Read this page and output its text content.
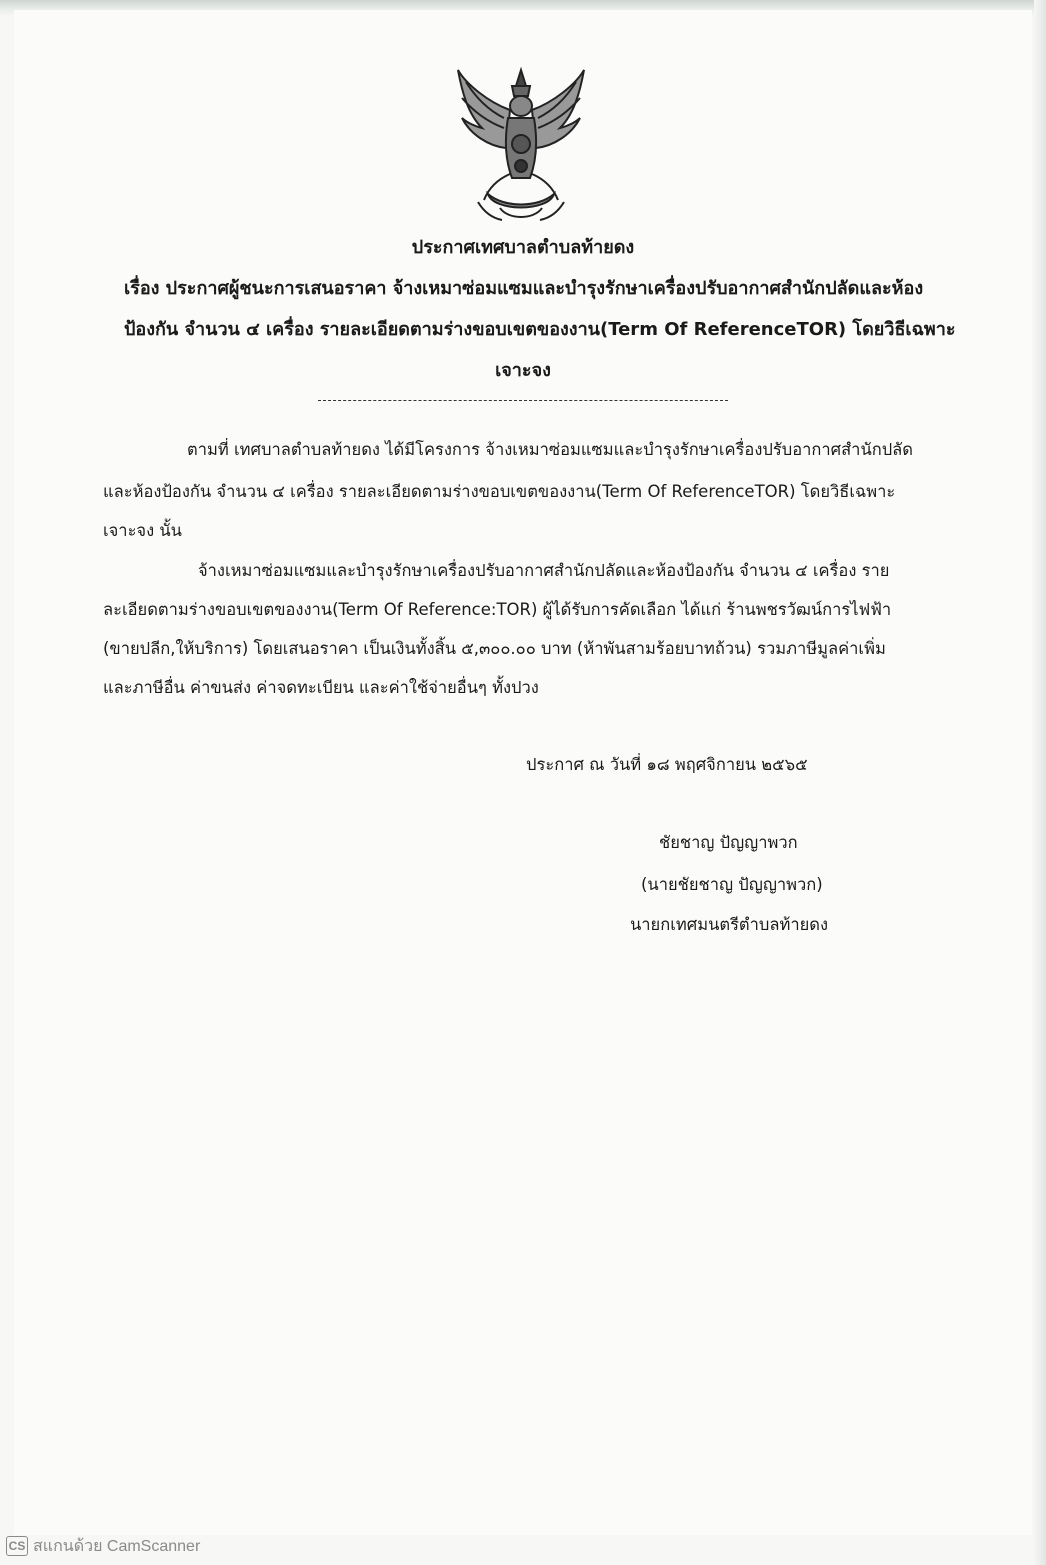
ประกาศเทศบาลตำบลท้ายดง
เรื่อง ประกาศผู้ชนะการเสนอราคา จ้างเหมาซ่อมแซมและบำรุงรักษาเครื่องปรับอากาศสำนักปลัดและห้อง
ป้องกัน จำนวน ๔ เครื่อง รายละเอียดตามร่างขอบเขตของงาน(Term Of ReferenceTOR) โดยวิธีเฉพาะ
เจาะจง
ตามที่ เทศบาลตำบลท้ายดง ได้มีโครงการ จ้างเหมาซ่อมแซมและบำรุงรักษาเครื่องปรับอากาศสำนักปลัด
และห้องป้องกัน จำนวน ๔ เครื่อง รายละเอียดตามร่างขอบเขตของงาน(Term Of ReferenceTOR) โดยวิธีเฉพาะ
เจาะจง นั้น
จ้างเหมาซ่อมแซมและบำรุงรักษาเครื่องปรับอากาศสำนักปลัดและห้องป้องกัน จำนวน ๔ เครื่อง ราย
ละเอียดตามร่างขอบเขตของงาน(Term Of Reference:TOR) ผู้ได้รับการคัดเลือก ได้แก่ ร้านพชรวัฒน์การไฟฟ้า
(ขายปลีก,ให้บริการ) โดยเสนอราคา เป็นเงินทั้งสิ้น ๕,๓๐๐.๐๐ บาท (ห้าพันสามร้อยบาทถ้วน) รวมภาษีมูลค่าเพิ่ม
และภาษีอื่น ค่าขนส่ง ค่าจดทะเบียน และค่าใช้จ่ายอื่นๆ ทั้งปวง
ประกาศ ณ วันที่ ๑๘ พฤศจิกายน ๒๕๖๕
ชัยชาญ ปัญญาพวก
(นายชัยชาญ ปัญญาพวก)
นายกเทศมนตรีตำบลท้ายดง
CS สแกนด้วย CamScanner
